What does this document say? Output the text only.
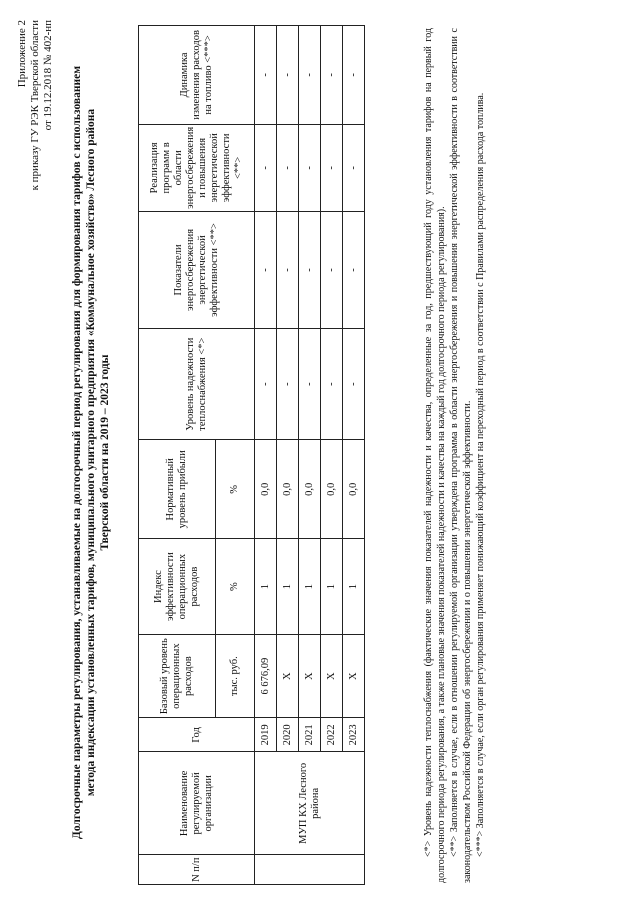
Приложение 2 к приказу ГУ РЭК Тверской области от 19.12.2018 № 402-нп Долгосрочные параметры регулирования, устанавливаемые на долгосрочный период регулирования для формирования тарифов с использованием метода индексации установленных тарифов, муниципального унитарного предприятия «Коммунальное хозяйство» Лесного района Тверской области на 2019 – 2023 годы
N п/п	Наименование регулируемой организации	Год	Базовый уровень операционных расходов	Индекс эффективности операционных расходов	Нормативный уровень прибыли	Уровень надежности теплоснабжения <*>	Показатели энергосбережения энергетической эффективности <**>	Реализация программ в области энергосбережения и повышения энергетической эффективности <**>	Динамика изменения расходов на топливо <***>
			тыс. руб.	%	%				
	МУП КХ Лесного района	2019	6 676,09	1	0,0	-	-	-	-
		2020	Х	1	0,0	-	-	-	-
		2021	Х	1	0,0	-	-	-	-
		2022	Х	1	0,0	-	-	-	-
		2023	Х	1	0,0	-	-	-	-	<*> Уровень надежности теплоснабжения (фактические значения показателей надежности и качества, определенные за год, предшествующий году установления тарифов на первый год долгосрочного периода регулирования, а также плановые значения показателей надежности и качества на каждый год долгосрочного периода регулирования). <**> Заполняется в случае, если в отношении регулируемой организации утверждена программа в области энергосбережения и повышения энергетической эффективности в соответствии с законодательством Российской Федерации об энергосбережении и о повышении энергетической эффективности. <***> Заполняется в случае, если орган регулирования применяет понижающий коэффициент на переходный период в соответствии с Правилами распределения расхода топлива.
